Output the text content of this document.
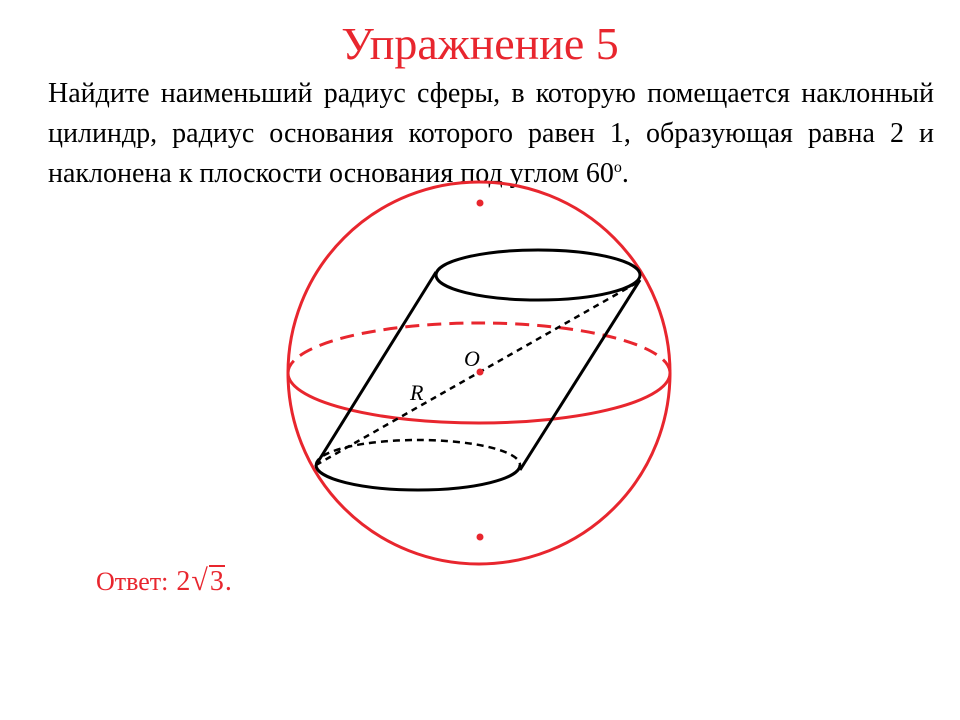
Упражнение 5
Найдите наименьший радиус сферы, в которую помещается наклонный цилиндр, радиус основания которого равен 1, образующая равна 2 и наклонена к плоскости основания под углом 60$^o$.
O
R
Ответ: 2 √ 3 .
